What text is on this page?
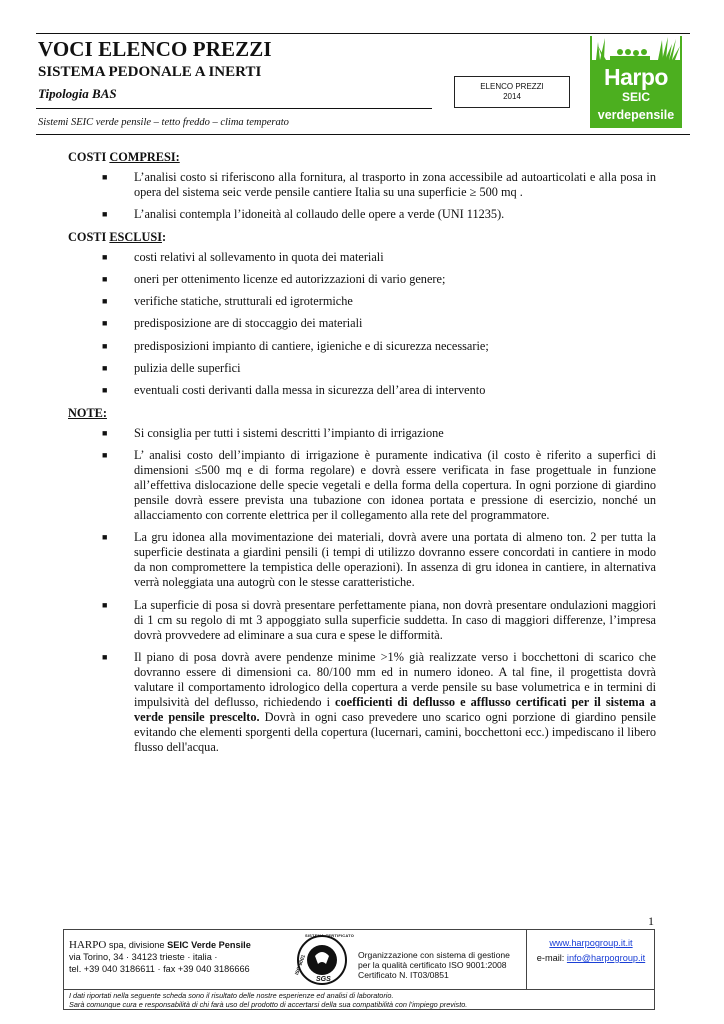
VOCI ELENCO PREZZI
SISTEMA PEDONALE A INERTI
Tipologia BAS	ELENCO PREZZI
2014
Sistemi SEIC verde pensile – tetto freddo – clima temperato
Harpo
SEIC
verdepensile
COSTI COMPRESI:
■ L’analisi costo si riferiscono alla fornitura, al trasporto in zona accessibile ad autoarticolati e alla posa in opera del sistema seic verde pensile cantiere Italia su una superficie ≥ 500 mq .
■ L’analisi contempla l’idoneità al collaudo delle opere a verde (UNI 11235).
COSTI ESCLUSI:
■ costi relativi al sollevamento in quota dei materiali
■ oneri per ottenimento licenze ed autorizzazioni di vario genere;
■ verifiche statiche, strutturali ed igrotermiche
■ predisposizione are di stoccaggio dei materiali
■ predisposizioni impianto di cantiere, igieniche e di sicurezza necessarie;
■ pulizia delle superfici
■ eventuali costi derivanti dalla messa in sicurezza dell’area di intervento
NOTE:
■ Si consiglia per tutti i sistemi descritti l’impianto di irrigazione
■ L’ analisi costo dell’impianto di irrigazione è puramente indicativa (il costo è riferito a superfici di dimensioni ≤500 mq e di forma regolare) e dovrà essere verificata in fase progettuale in funzione all’effettiva dislocazione delle specie vegetali e della forma della copertura. In ogni porzione di giardino pensile dovrà essere prevista una tubazione con idonea portata e pressione di esercizio, nonché un allacciamento con corrente elettrica per il collegamento alla rete del programmatore.
■ La gru idonea alla movimentazione dei materiali, dovrà avere una portata di almeno ton. 2 per tutta la superficie destinata a giardini pensili (i tempi di utilizzo dovranno essere concordati in cantiere in modo da non compromettere la tempistica delle operazioni). In assenza di gru idonea in cantiere, in alternativa verrà noleggiata una autogrù con le stesse caratteristiche.
■ La superficie di posa si dovrà presentare perfettamente piana, non dovrà presentare ondulazioni maggiori di 1 cm su regolo di mt 3 appoggiato sulla superficie suddetta. In caso di maggiori differenze, l’impresa dovrà provvedere ad eliminare a sua cura e spese le difformità.
■ Il piano di posa dovrà avere pendenze minime >1% già realizzate verso i bocchettoni di scarico che dovranno essere di dimensioni ca. 80/100 mm ed in numero idoneo. A tal fine, il progettista dovrà valutare il comportamento idrologico della copertura a verde pensile su base volumetrica e in termini di impulsività del deflusso, richiedendo i coefficienti di deflusso e afflusso certificati per il sistema a verde pensile prescelto. Dovrà in ogni caso prevedere uno scarico ogni porzione di giardino pensile evitando che elementi sporgenti della copertura (lucernari, camini, bocchettoni ecc.) impediscano il libero flusso dell'acqua.
1
HARPO spa, divisione SEIC Verde Pensile
via Torino, 34 · 34123 trieste · italia ·
tel. +39 040 3186611 · fax +39 040 3186666
SISTEMA CERTIFICATO
ISO 9001
SGS
Organizzazione con sistema di gestione
per la qualità certificato ISO 9001:2008
Certificato N. IT03/0851
www.harpogroup.it.it
e-mail: info@harpogroup.it
I dati riportati nella seguente scheda sono il risultato delle nostre esperienze ed analisi di laboratorio.
Sarà comunque cura e responsabilità di chi farà uso del prodotto di accertarsi della sua compatibilità con l’impiego previsto.
